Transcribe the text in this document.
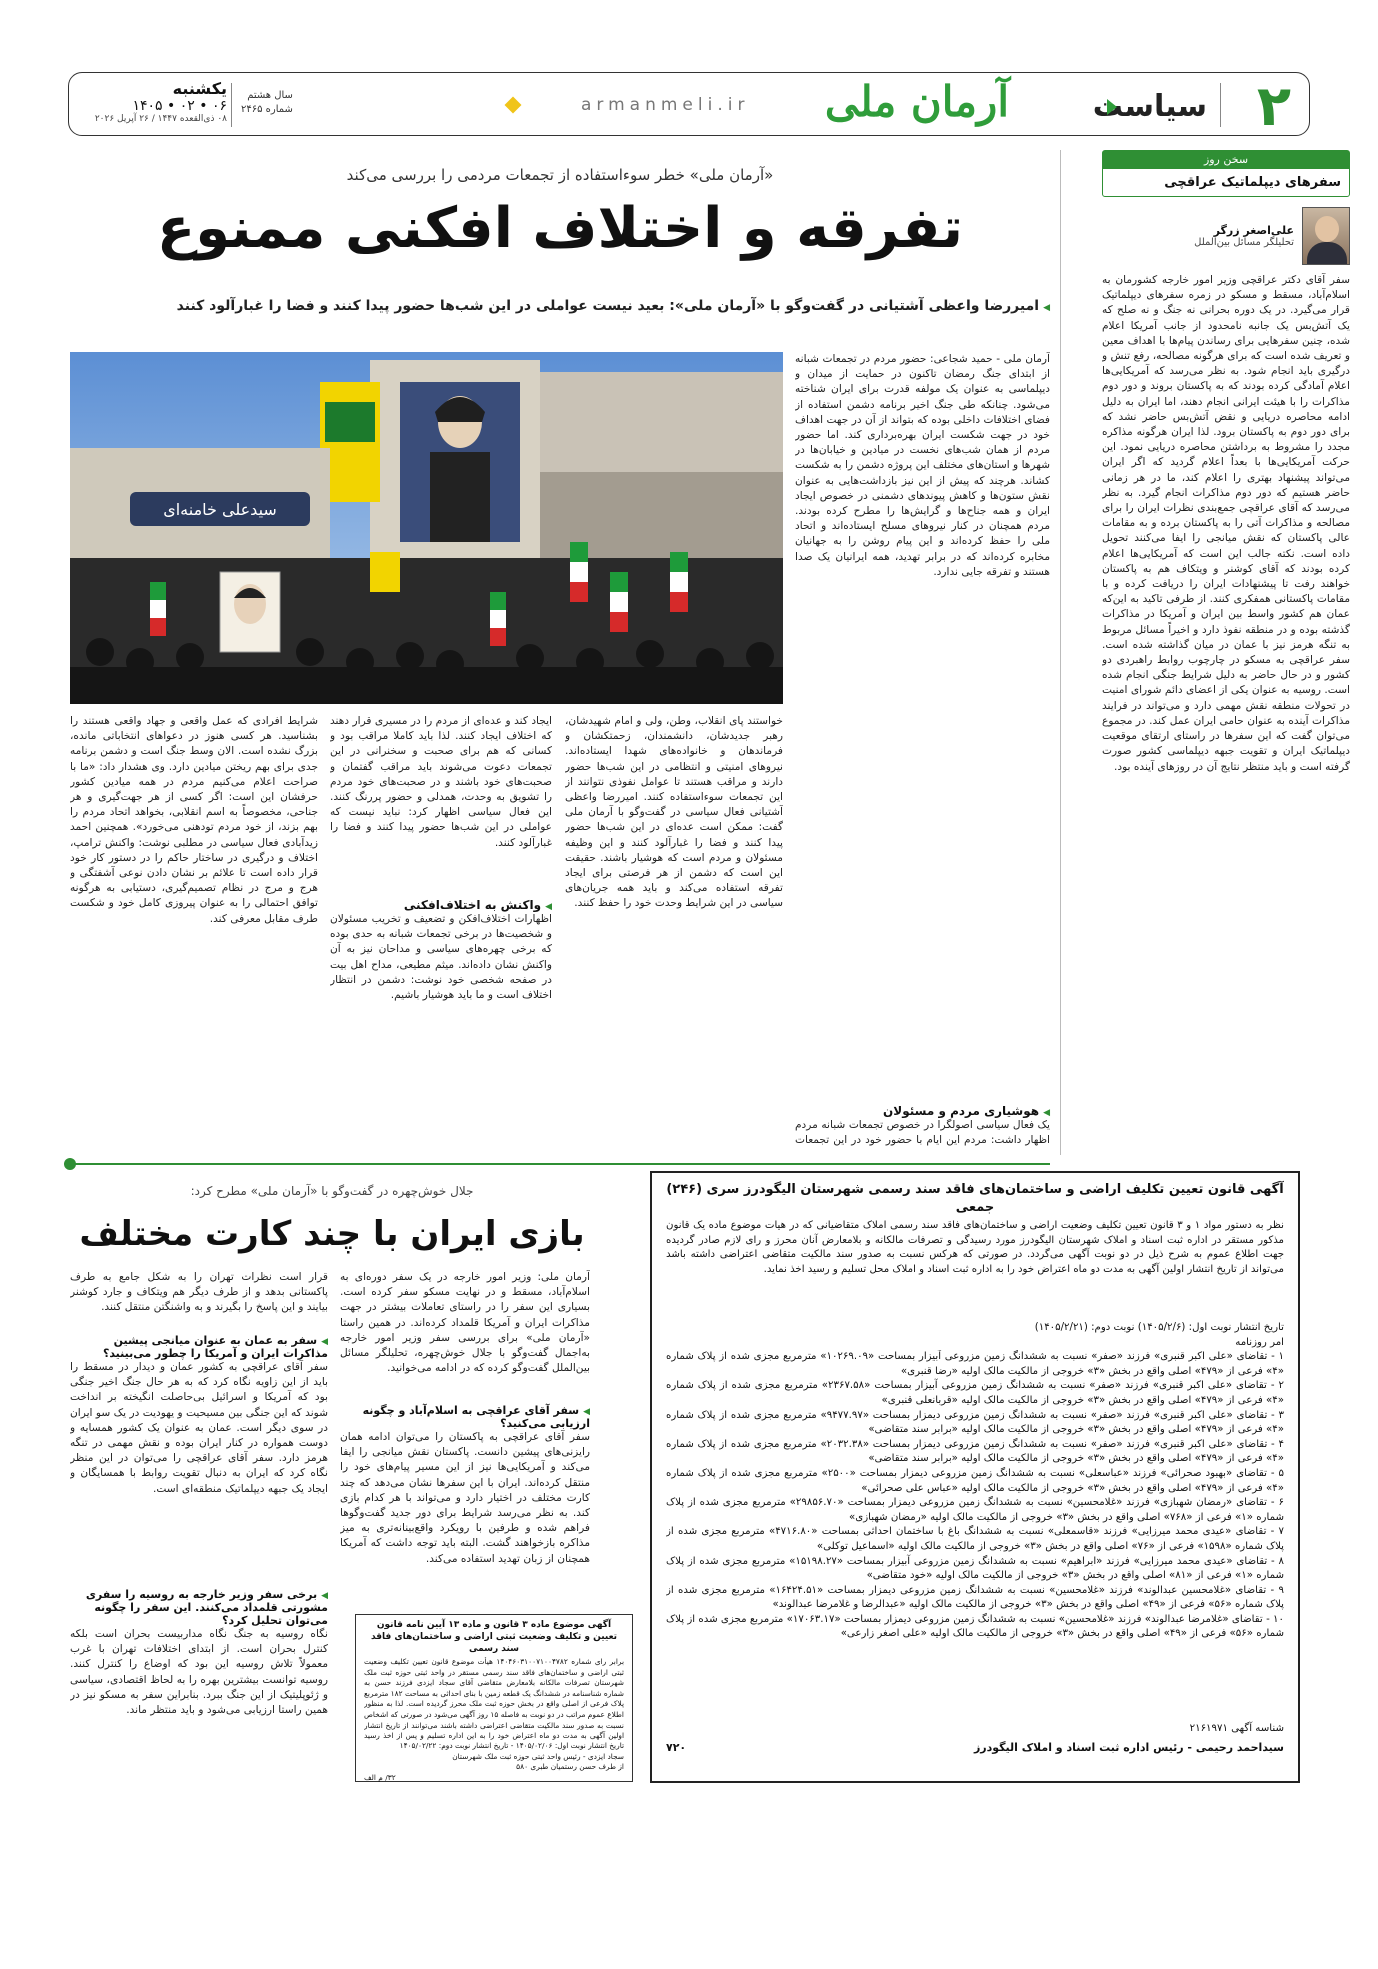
۲
سیاست
آرمان ملی
armanmeli.ir
سال هشتم
شماره ۲۴۶۵
یکشنبه
۰۶ • ۰۲ • ۱۴۰۵
۰۸ ذی‌القعده ۱۴۴۷ / ۲۶ آپریل ۲۰۲۶
سخن روز
سفرهای دیپلماتیک عراقچی
علی‌اصغر زرگر
تحلیلگر مسائل بین‌الملل
سفر آقای دکتر عراقچی وزیر امور خارجه کشورمان به اسلام‌آباد، مسقط و مسکو در زمره سفرهای دیپلماتیک قرار می‌گیرد. در یک دوره بحرانی نه جنگ و نه صلح که یک آتش‌بس یک جانبه نامحدود از جانب آمریکا اعلام شده، چنین سفرهایی برای رساندن پیام‌ها با اهداف معین و تعریف شده است که برای هرگونه مصالحه، رفع تنش و درگیری باید انجام شود. به نظر می‌رسد که آمریکایی‌ها اعلام آمادگی کرده بودند که به پاکستان بروند و دور دوم مذاکرات را با هیئت ایرانی انجام دهند، اما ایران به دلیل ادامه محاصره دریایی و نقض آتش‌بس حاضر نشد که برای دور دوم به پاکستان برود. لذا ایران هرگونه مذاکره مجدد را مشروط به برداشتن محاصره دریایی نمود. این حرکت آمریکایی‌ها با بعداً اعلام گردید که اگر ایران می‌تواند پیشنهاد بهتری را اعلام کند، ما در هر زمانی حاضر هستیم که دور دوم مذاکرات انجام گیرد. به نظر می‌رسد که آقای عراقچی جمع‌بندی نظرات ایران را برای مصالحه و مذاکرات آتی را به پاکستان برده و به مقامات عالی پاکستان که نقش میانجی را ایفا می‌کنند تحویل داده است. نکته جالب این است که آمریکایی‌ها اعلام کرده بودند که آقای کوشنر و ویتکاف هم به پاکستان خواهند رفت تا پیشنهادات ایران را دریافت کرده و با مقامات پاکستانی همفکری کنند. از طرفی تاکید به این‌که عمان هم کشور واسط بین ایران و آمریکا در مذاکرات گذشته بوده و در منطقه نفوذ دارد و اخیراً مسائل مربوط به تنگه هرمز نیز با عمان در میان گذاشته شده است. سفر عراقچی به مسکو در چارچوب روابط راهبردی دو کشور و در حال حاضر به دلیل شرایط جنگی انجام شده است. روسیه به عنوان یکی از اعضای دائم شورای امنیت در تحولات منطقه نقش مهمی دارد و می‌تواند در فرایند مذاکرات آینده به عنوان حامی ایران عمل کند. در مجموع می‌توان گفت که این سفرها در راستای ارتقای موقعیت دیپلماتیک ایران و تقویت جبهه دیپلماسی کشور صورت گرفته است و باید منتظر نتایج آن در روزهای آینده بود.
«آرمان ملی» خطر سوءاستفاده از تجمعات مردمی را بررسی می‌کند
تفرقه و اختلاف افکنی ممنوع
◀ امیررضا واعظی آشتیانی در گفت‌وگو با «آرمان ملی»: بعید نیست عواملی در این شب‌ها حضور پیدا کنند و فضا را غبارآلود کنند
سیدعلی خامنه‌ای
آرمان ملی - حمید شجاعی: حضور مردم در تجمعات شبانه از ابتدای جنگ رمضان تاکنون در حمایت از میدان و دیپلماسی به عنوان یک مولفه قدرت برای ایران شناخته می‌شود. چنانکه طی جنگ اخیر برنامه دشمن استفاده از فضای اختلافات داخلی بوده که بتواند از آن در جهت اهداف خود در جهت شکست ایران بهره‌برداری کند. اما حضور مردم از همان شب‌های نخست در میادین و خیابان‌ها در شهرها و استان‌های مختلف این پروژه دشمن را به شکست کشاند. هرچند که پیش از این نیز بازداشت‌هایی به عنوان نقش ستون‌ها و کاهش پیوندهای دشمنی در خصوص ایجاد ایران و همه جناح‌ها و گرایش‌ها را مطرح کرده بودند. مردم همچنان در کنار نیروهای مسلح ایستاده‌اند و اتحاد ملی را حفظ کرده‌اند و این پیام روشن را به جهانیان مخابره کرده‌اند که در برابر تهدید، همه ایرانیان یک صدا هستند و تفرقه جایی ندارد.
◀ هوشیاری مردم و مسئولان
یک فعال سیاسی اصولگرا در خصوص تجمعات شبانه مردم اظهار داشت: مردم این ایام با حضور خود در این تجمعات
خواستند پای انقلاب، وطن، ولی و امام شهیدشان، رهبر جدیدشان، دانشمندان، زحمتکشان و فرماندهان و خانواده‌های شهدا ایستاده‌اند. نیروهای امنیتی و انتظامی در این شب‌ها حضور دارند و مراقب هستند تا عوامل نفوذی نتوانند از این تجمعات سوءاستفاده کنند. امیررضا واعظی آشتیانی فعال سیاسی در گفت‌وگو با آرمان ملی گفت: ممکن است عده‌ای در این شب‌ها حضور پیدا کنند و فضا را غبارآلود کنند و این وظیفه مسئولان و مردم است که هوشیار باشند. حقیقت این است که دشمن از هر فرصتی برای ایجاد تفرقه استفاده می‌کند و باید همه جریان‌های سیاسی در این شرایط وحدت خود را حفظ کنند.
ایجاد کند و عده‌ای از مردم را در مسیری قرار دهند که اختلاف ایجاد کنند. لذا باید کاملا مراقب بود و کسانی که هم برای صحبت و سخنرانی در این تجمعات دعوت می‌شوند باید مراقب گفتمان و صحبت‌های خود باشند و در صحبت‌های خود مردم را تشویق به وحدت، همدلی و حضور پررنگ کنند. این فعال سیاسی اظهار کرد: نباید نیست که عواملی در این شب‌ها حضور پیدا کنند و فضا را غبارآلود کنند.
◀ واکنش به اختلاف‌افکنی
اظهارات اختلاف‌افکن و تضعیف و تخریب مسئولان و شخصیت‌ها در برخی تجمعات شبانه به حدی بوده که برخی چهره‌های سیاسی و مداحان نیز به آن واکنش نشان داده‌اند. میثم مطیعی، مداح اهل بیت در صفحه شخصی خود نوشت: دشمن در انتظار اختلاف است و ما باید هوشیار باشیم.
شرایط افرادی که عمل واقعی و جهاد واقعی هستند را بشناسید. هر کسی هنوز در دعواهای انتخاباتی مانده، بزرگ نشده است. الان وسط جنگ است و دشمن برنامه جدی برای بهم ریختن میادین دارد. وی هشدار داد: «ما با صراحت اعلام می‌کنیم مردم در همه میادین کشور حرفشان این است: اگر کسی از هر جهت‌گیری و هر جناحی، مخصوصاً به اسم انقلابی، بخواهد اتحاد مردم را بهم بزند، از خود مردم تودهنی می‌خورد». همچنین احمد زیدآبادی فعال سیاسی در مطلبی نوشت: واکنش ترامپ، اختلاف و درگیری در ساختار حاکم را در دستور کار خود قرار داده است تا علائم بر نشان دادن نوعی آشفتگی و هرج و مرج در نظام تصمیم‌گیری، دستیابی به هرگونه توافق احتمالی را به عنوان پیروزی کامل خود و شکست طرف مقابل معرفی کند.
جلال خوش‌چهره در گفت‌وگو با «آرمان ملی» مطرح کرد:
بازی ایران با چند کارت مختلف
آرمان ملی: وزیر امور خارجه در یک سفر دوره‌ای به اسلام‌آباد، مسقط و در نهایت مسکو سفر کرده است. بسیاری این سفر را در راستای تعاملات بیشتر در جهت مذاکرات ایران و آمریکا قلمداد کرده‌اند. در همین راستا «آرمان ملی» برای بررسی سفر وزیر امور خارجه به‌اجمال گفت‌وگو با جلال خوش‌چهره، تحلیلگر مسائل بین‌الملل گفت‌وگو کرده که در ادامه می‌خوانید.
◀ سفر آقای عراقچی به اسلام‌آباد و چگونه ارزیابی می‌کنید؟
سفر آقای عراقچی به پاکستان را می‌توان ادامه همان رایزنی‌های پیشین دانست. پاکستان نقش میانجی را ایفا می‌کند و آمریکایی‌ها نیز از این مسیر پیام‌های خود را منتقل کرده‌اند. ایران با این سفرها نشان می‌دهد که چند کارت مختلف در اختیار دارد و می‌تواند با هر کدام بازی کند. به نظر می‌رسد شرایط برای دور جدید گفت‌وگوها فراهم شده و طرفین با رویکرد واقع‌بینانه‌تری به میز مذاکره بازخواهند گشت. البته باید توجه داشت که آمریکا همچنان از زبان تهدید استفاده می‌کند.
قرار است نظرات تهران را به شکل جامع به طرف پاکستانی بدهد و از طرف دیگر هم ویتکاف و جارد کوشنر بیایند و این پاسخ را بگیرند و به واشنگتن منتقل کنند.
◀ سفر به عمان به عنوان میانجی پیشین مذاکرات ایران و آمریکا را چطور می‌بینید؟
سفر آقای عراقچی به کشور عمان و دیدار در مسقط را باید از این زاویه نگاه کرد که به هر حال جنگ اخیر جنگی بود که آمریکا و اسرائیل بی‌حاصلت انگیخته بر انداخت شوند که این جنگی بین مسیحیت و یهودیت در یک سو ایران در سوی دیگر است. عمان به عنوان یک کشور همسایه و دوست همواره در کنار ایران بوده و نقش مهمی در تنگه هرمز دارد. سفر آقای عراقچی را می‌توان در این منظر نگاه کرد که ایران به دنبال تقویت روابط با همسایگان و ایجاد یک جبهه دیپلماتیک منطقه‌ای است.
◀ برخی سفر وزیر خارجه به روسیه را سفری مشورتی قلمداد می‌کنند. این سفر را چگونه می‌توان تحلیل کرد؟
نگاه روسیه به جنگ نگاه مداربیست بحران است بلکه کنترل بحران است. از ابتدای اختلافات تهران با غرب معمولاً تلاش روسیه این بود که اوضاع را کنترل کنند. روسیه توانست بیشترین بهره را به لحاظ اقتصادی، سیاسی و ژئوپلیتیک از این جنگ ببرد. بنابراین سفر به مسکو نیز در همین راستا ارزیابی می‌شود و باید منتظر ماند.
آگهی موضوع ماده ۳ قانون و ماده ۱۳ آیین نامه قانون تعیین و تکلیف وضعیت ثبتی اراضی و ساختمان‌های فاقد سند رسمی
برابر رای شماره ۱۴۰۴۶۰۳۱۰۰۷۱۰۰۴۷۸۲ هیأت موضوع قانون تعیین تکلیف وضعیت ثبتی اراضی و ساختمان‌های فاقد سند رسمی مستقر در واحد ثبتی حوزه ثبت ملک شهرستان تصرفات مالکانه بلامعارض متقاضی آقای سجاد ایزدی فرزند حسن به شماره شناسنامه در ششدانگ یک قطعه زمین با بنای احداثی به مساحت ۱۸۲ مترمربع پلاک فرعی از اصلی واقع در بخش حوزه ثبت ملک محرز گردیده است. لذا به منظور اطلاع عموم مراتب در دو نوبت به فاصله ۱۵ روز آگهی می‌شود در صورتی که اشخاص نسبت به صدور سند مالکیت متقاضی اعتراضی داشته باشند می‌توانند از تاریخ انتشار اولین آگهی به مدت دو ماه اعتراض خود را به این اداره تسلیم و پس از اخذ رسید
تاریخ انتشار نوبت اول: ۱۴۰۵/۰۲/۰۶ - تاریخ انتشار نوبت دوم: ۱۴۰۵/۰۲/۲۲
سجاد ایزدی - رئیس واحد ثبتی حوزه ثبت ملک شهرستان
از طرف حسن رستمیان طبری ۵۸۰
۳۲/ م الف
آگهی قانون تعیین تکلیف اراضی و ساختمان‌های فاقد سند رسمی شهرستان الیگودرز سری (۲۴۶) جمعی
نظر به دستور مواد ۱ و ۳ قانون تعیین تکلیف وضعیت اراضی و ساختمان‌های فاقد سند رسمی املاک متقاضیانی که در هیات موضوع ماده یک قانون مذکور مستقر در اداره ثبت اسناد و املاک شهرستان الیگودرز مورد رسیدگی و تصرفات مالکانه و بلامعارض آنان محرز و رای لازم صادر گردیده جهت اطلاع عموم به شرح ذیل در دو نوبت آگهی می‌گردد. در صورتی که هرکس نسبت به صدور سند مالکیت متقاضی اعتراضی داشته باشد می‌تواند از تاریخ انتشار اولین آگهی به مدت دو ماه اعتراض خود را به اداره ثبت اسناد و املاک محل تسلیم و رسید اخذ نماید.
تاریخ انتشار نوبت اول: (۱۴۰۵/۲/۶) نوبت دوم: (۱۴۰۵/۲/۲۱)
امر روزنامه
۱ - تقاضای «علی اکبر قنبری» فرزند «صفر» نسبت به ششدانگ زمین مزروعی آبیزار بمساحت «۱۰۲۶۹.۰۹» مترمربع مجزی شده از پلاک شماره «۴» فرعی از «۴۷۹» اصلی واقع در بخش «۳» خروجی از مالکیت مالک اولیه «رضا قنبری»
۲ - تقاضای «علی اکبر قنبری» فرزند «صفر» نسبت به ششدانگ زمین مزروعی آبیزار بمساحت «۲۳۶۷.۵۸» مترمربع مجزی شده از پلاک شماره «۴» فرعی از «۴۷۹» اصلی واقع در بخش «۳» خروجی از مالکیت مالک اولیه «قربانعلی قنبری»
۳ - تقاضای «علی اکبر قنبری» فرزند «صفر» نسبت به ششدانگ زمین مزروعی دیمزار بمساحت «۹۴۷۷.۹۷» مترمربع مجزی شده از پلاک شماره «۴» فرعی از «۴۷۹» اصلی واقع در بخش «۳» خروجی از مالکیت مالک اولیه «برابر سند متقاضی»
۴ - تقاضای «علی اکبر قنبری» فرزند «صفر» نسبت به ششدانگ زمین مزروعی دیمزار بمساحت «۲۰۳۲.۳۸» مترمربع مجزی شده از پلاک شماره «۴» فرعی از «۴۷۹» اصلی واقع در بخش «۳» خروجی از مالکیت مالک اولیه «برابر سند متقاضی»
۵ - تقاضای «بهبود صحرائی» فرزند «عباسعلی» نسبت به ششدانگ زمین مزروعی دیمزار بمساحت «۲۵۰۰» مترمربع مجزی شده از پلاک شماره «۴» فرعی از «۴۷۹» اصلی واقع در بخش «۳» خروجی از مالکیت مالک اولیه «عباس علی صحرائی»
۶ - تقاضای «رمضان شهبازی» فرزند «غلامحسین» نسبت به ششدانگ زمین مزروعی دیمزار بمساحت «۲۹۸۵۶.۷۰» مترمربع مجزی شده از پلاک شماره «۱» فرعی از «۷۶۸» اصلی واقع در بخش «۳» خروجی از مالکیت مالک اولیه «رمضان شهبازی»
۷ - تقاضای «عیدی محمد میرزایی» فرزند «قاسمعلی» نسبت به ششدانگ باغ با ساختمان احداثی بمساحت «۴۷۱۶.۸۰» مترمربع مجزی شده از پلاک شماره «۱۵۹۸» فرعی از «۷۶» اصلی واقع در بخش «۳» خروجی از مالکیت مالک اولیه «اسماعیل توکلی»
۸ - تقاضای «عیدی محمد میرزایی» فرزند «ابراهیم» نسبت به ششدانگ زمین مزروعی آبیزار بمساحت «۱۵۱۹۸.۲۷» مترمربع مجزی شده از پلاک شماره «۱» فرعی از «۸۱» اصلی واقع در بخش «۳» خروجی از مالکیت مالک اولیه «خود متقاضی»
۹ - تقاضای «غلامحسین عبدالوند» فرزند «غلامحسین» نسبت به ششدانگ زمین مزروعی دیمزار بمساحت «۱۶۴۲۴.۵۱» مترمربع مجزی شده از پلاک شماره «۵۶» فرعی از «۴۹» اصلی واقع در بخش «۳» خروجی از مالکیت مالک اولیه «عبدالرضا و غلامرضا عبدالوند»
۱۰ - تقاضای «غلامرضا عبدالوند» فرزند «غلامحسین» نسبت به ششدانگ زمین مزروعی دیمزار بمساحت «۱۷۰۶۳.۱۷» مترمربع مجزی شده از پلاک شماره «۵۶» فرعی از «۴۹» اصلی واقع در بخش «۳» خروجی از مالکیت مالک اولیه «علی اصغر زارعی»
شناسه آگهی ۲۱۶۱۹۷۱
سیداحمد رحیمی - رئیس اداره ثبت اسناد و املاک الیگودرز
۷۲۰
